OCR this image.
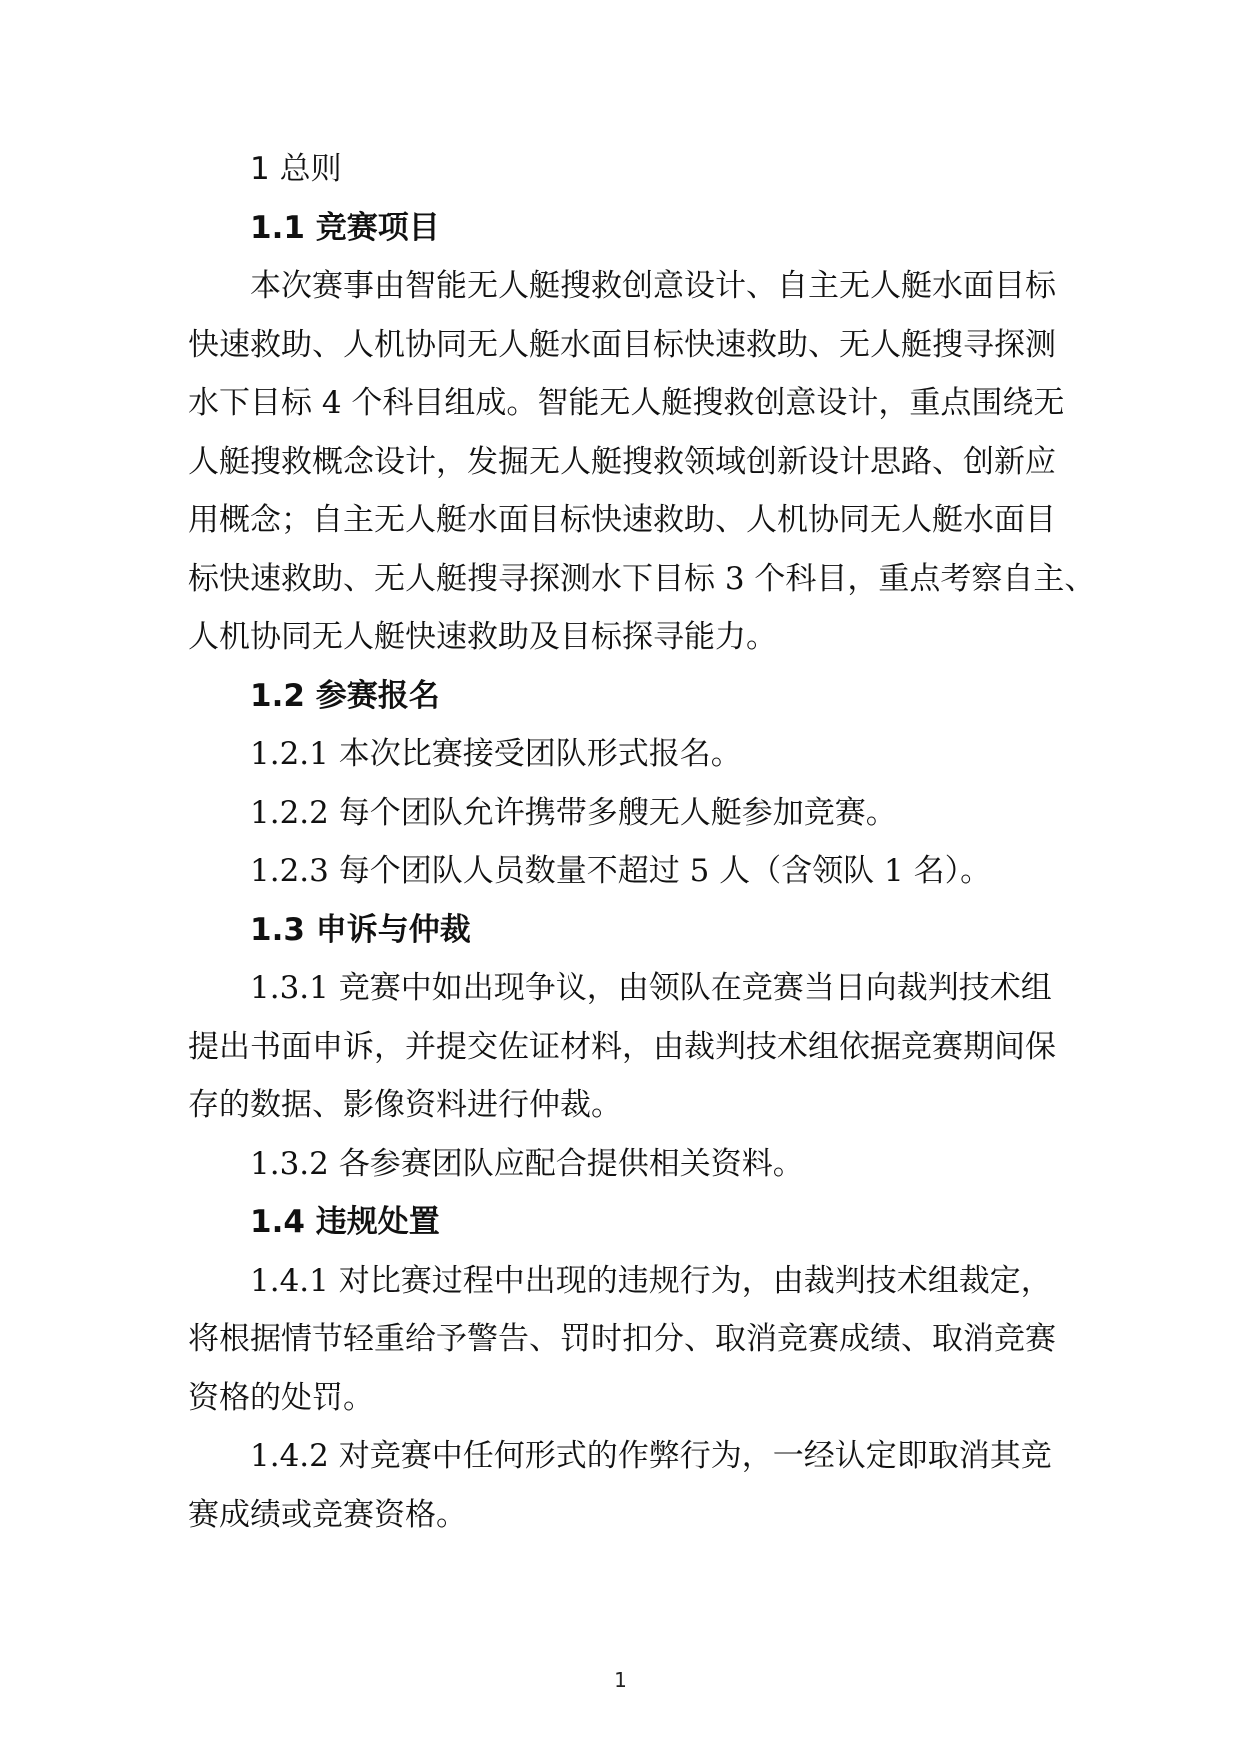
1 总则

1.1 竞赛项目

本次赛事由智能无人艇搜救创意设计、自主无人艇水面目标

快速救助、人机协同无人艇水面目标快速救助、无人艇搜寻探测

水下目标 4 个科目组成。智能无人艇搜救创意设计，重点围绕无

人艇搜救概念设计，发掘无人艇搜救领域创新设计思路、创新应

用概念；自主无人艇水面目标快速救助、人机协同无人艇水面目

标快速救助、无人艇搜寻探测水下目标 3 个科目，重点考察自主、

人机协同无人艇快速救助及目标探寻能力。

1.2 参赛报名

1.2.1 本次比赛接受团队形式报名。

1.2.2 每个团队允许携带多艘无人艇参加竞赛。

1.2.3 每个团队人员数量不超过 5 人（含领队 1 名）。

1.3 申诉与仲裁

1.3.1 竞赛中如出现争议，由领队在竞赛当日向裁判技术组

提出书面申诉，并提交佐证材料，由裁判技术组依据竞赛期间保

存的数据、影像资料进行仲裁。

1.3.2 各参赛团队应配合提供相关资料。

1.4 违规处置

1.4.1 对比赛过程中出现的违规行为，由裁判技术组裁定，

将根据情节轻重给予警告、罚时扣分、取消竞赛成绩、取消竞赛

资格的处罚。

1.4.2 对竞赛中任何形式的作弊行为，一经认定即取消其竞

赛成绩或竞赛资格。

1
